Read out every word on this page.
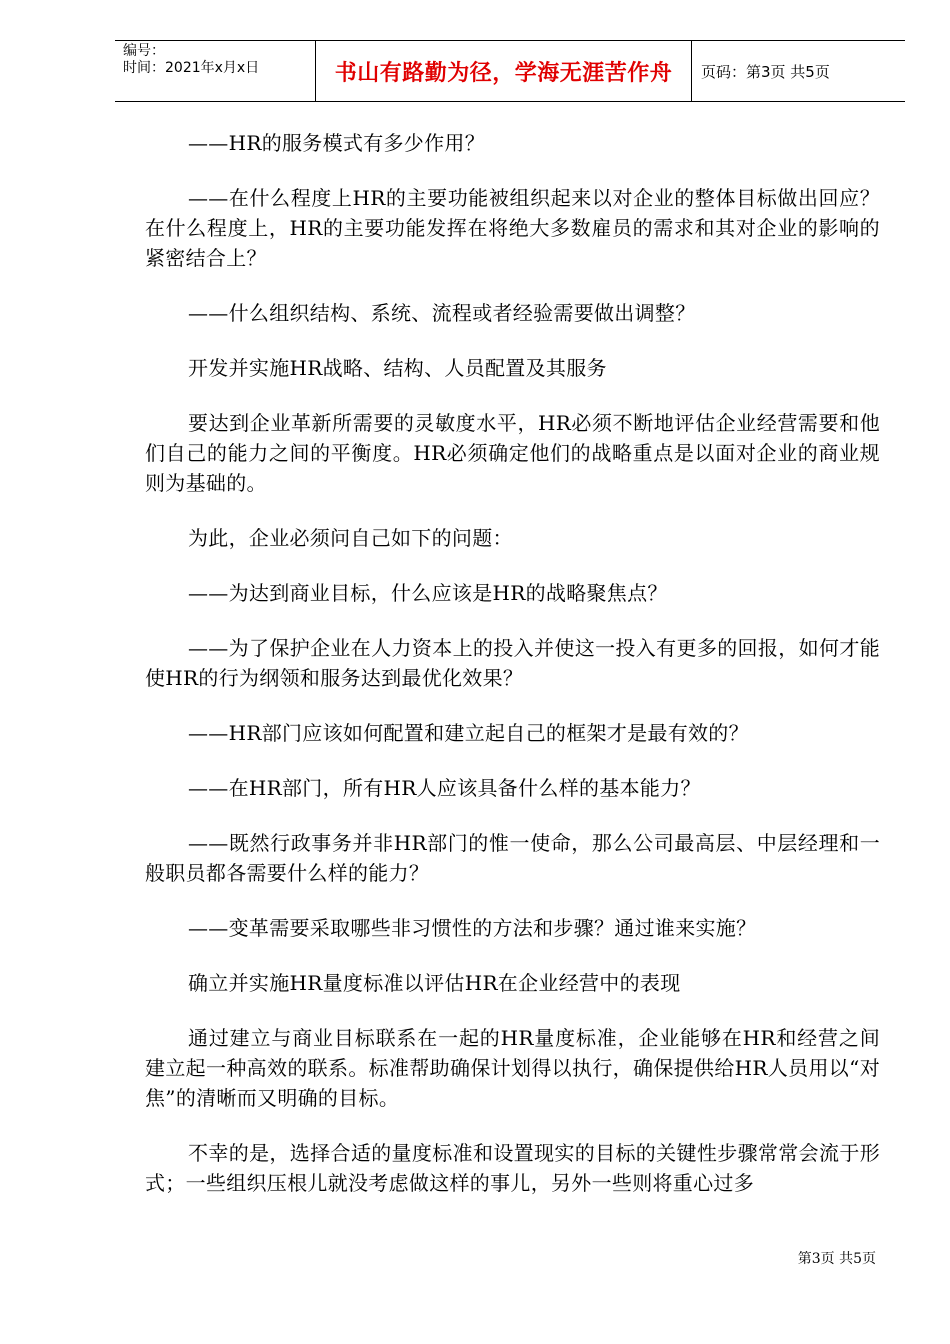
编号：
时间：2021年x月x日	书山有路勤为径，学海无涯苦作舟	页码：第3页 共5页

——HR的服务模式有多少作用？

——在什么程度上HR的主要功能被组织起来以对企业的整体目标做出回应？在什么程度上，HR的主要功能发挥在将绝大多数雇员的需求和其对企业的影响的紧密结合上？

——什么组织结构、系统、流程或者经验需要做出调整？

开发并实施HR战略、结构、人员配置及其服务

要达到企业革新所需要的灵敏度水平，HR必须不断地评估企业经营需要和他们自己的能力之间的平衡度。HR必须确定他们的战略重点是以面对企业的商业规则为基础的。

为此，企业必须问自己如下的问题：

——为达到商业目标，什么应该是HR的战略聚焦点？

——为了保护企业在人力资本上的投入并使这一投入有更多的回报，如何才能使HR的行为纲领和服务达到最优化效果？

——HR部门应该如何配置和建立起自己的框架才是最有效的？

——在HR部门，所有HR人应该具备什么样的基本能力？

——既然行政事务并非HR部门的惟一使命，那么公司最高层、中层经理和一般职员都各需要什么样的能力？

——变革需要采取哪些非习惯性的方法和步骤？通过谁来实施？

确立并实施HR量度标准以评估HR在企业经营中的表现

通过建立与商业目标联系在一起的HR量度标准，企业能够在HR和经营之间建立起一种高效的联系。标准帮助确保计划得以执行，确保提供给HR人员用以“对焦”的清晰而又明确的目标。

不幸的是，选择合适的量度标准和设置现实的目标的关键性步骤常常会流于形式；一些组织压根儿就没考虑做这样的事儿，另外一些则将重心过多

第3页 共5页
